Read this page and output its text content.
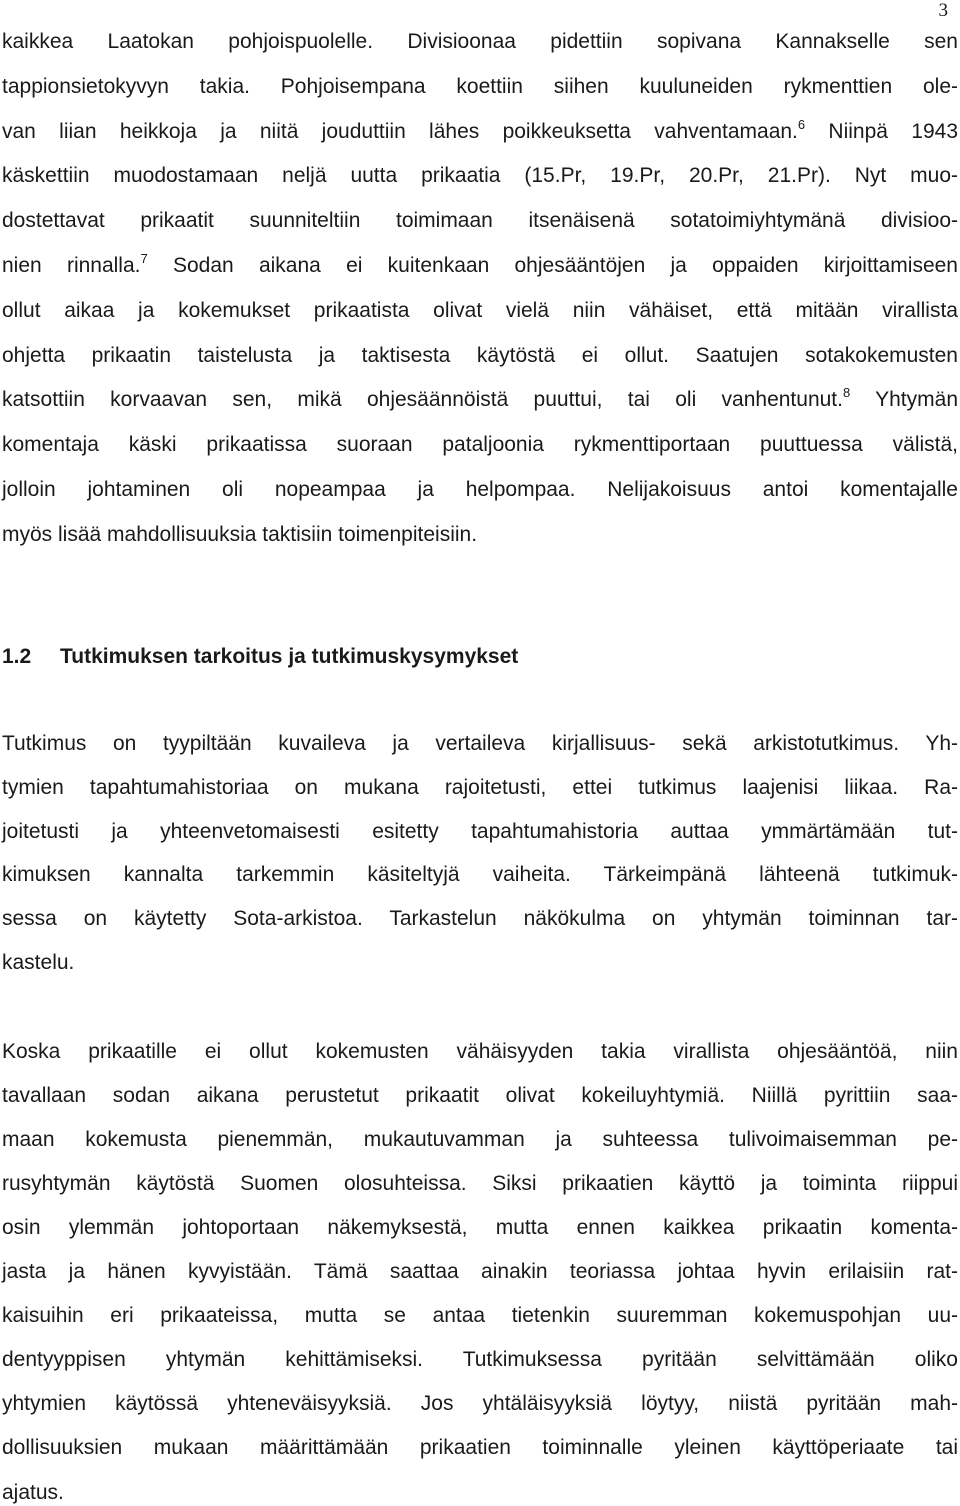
3
kaikkea Laatokan pohjoispuolelle. Divisioonaa pidettiin sopivana Kannakselle sen
tappionsietokyvyn takia. Pohjoisempana koettiin siihen kuuluneiden rykmenttien ole-
van liian heikkoja ja niitä jouduttiin lähes poikkeuksetta vahventamaan.$^6$ Niinpä 1943
käskettiin muodostamaan neljä uutta prikaatia (15.Pr, 19.Pr, 20.Pr, 21.Pr). Nyt muo-
dostettavat prikaatit suunniteltiin toimimaan itsenäisenä sotatoimiyhtymänä divisioo-
nien rinnalla.$^7$ Sodan aikana ei kuitenkaan ohjesääntöjen ja oppaiden kirjoittamiseen
ollut aikaa ja kokemukset prikaatista olivat vielä niin vähäiset, että mitään virallista
ohjetta prikaatin taistelusta ja taktisesta käytöstä ei ollut. Saatujen sotakokemusten
katsottiin korvaavan sen, mikä ohjesäännöistä puuttui, tai oli vanhentunut.$^8$ Yhtymän
komentaja käski prikaatissa suoraan pataljoonia rykmenttiportaan puuttuessa välistä,
jolloin johtaminen oli nopeampaa ja helpompaa. Nelijakoisuus antoi komentajalle
myös lisää mahdollisuuksia taktisiin toimenpiteisiin.
1.2 Tutkimuksen tarkoitus ja tutkimuskysymykset
Tutkimus on tyypiltään kuvaileva ja vertaileva kirjallisuus- sekä arkistotutkimus. Yh-
tymien tapahtumahistoriaa on mukana rajoitetusti, ettei tutkimus laajenisi liikaa. Ra-
joitetusti ja yhteenvetomaisesti esitetty tapahtumahistoria auttaa ymmärtämään tut-
kimuksen kannalta tarkemmin käsiteltyjä vaiheita. Tärkeimpänä lähteenä tutkimuk-
sessa on käytetty Sota-arkistoa. Tarkastelun näkökulma on yhtymän toiminnan tar-
kastelu.
Koska prikaatille ei ollut kokemusten vähäisyyden takia virallista ohjesääntöä, niin
tavallaan sodan aikana perustetut prikaatit olivat kokeiluyhtymiä. Niillä pyrittiin saa-
maan kokemusta pienemmän, mukautuvamman ja suhteessa tulivoimaisemman pe-
rusyhtymän käytöstä Suomen olosuhteissa. Siksi prikaatien käyttö ja toiminta riippui
osin ylemmän johtoportaan näkemyksestä, mutta ennen kaikkea prikaatin komenta-
jasta ja hänen kyvyistään. Tämä saattaa ainakin teoriassa johtaa hyvin erilaisiin rat-
kaisuihin eri prikaateissa, mutta se antaa tietenkin suuremman kokemuspohjan uu-
dentyyppisen yhtymän kehittämiseksi. Tutkimuksessa pyritään selvittämään oliko
yhtymien käytössä yhteneväisyyksiä. Jos yhtäläisyyksiä löytyy, niistä pyritään mah-
dollisuuksien mukaan määrittämään prikaatien toiminnalle yleinen käyttöperiaate tai
ajatus.
